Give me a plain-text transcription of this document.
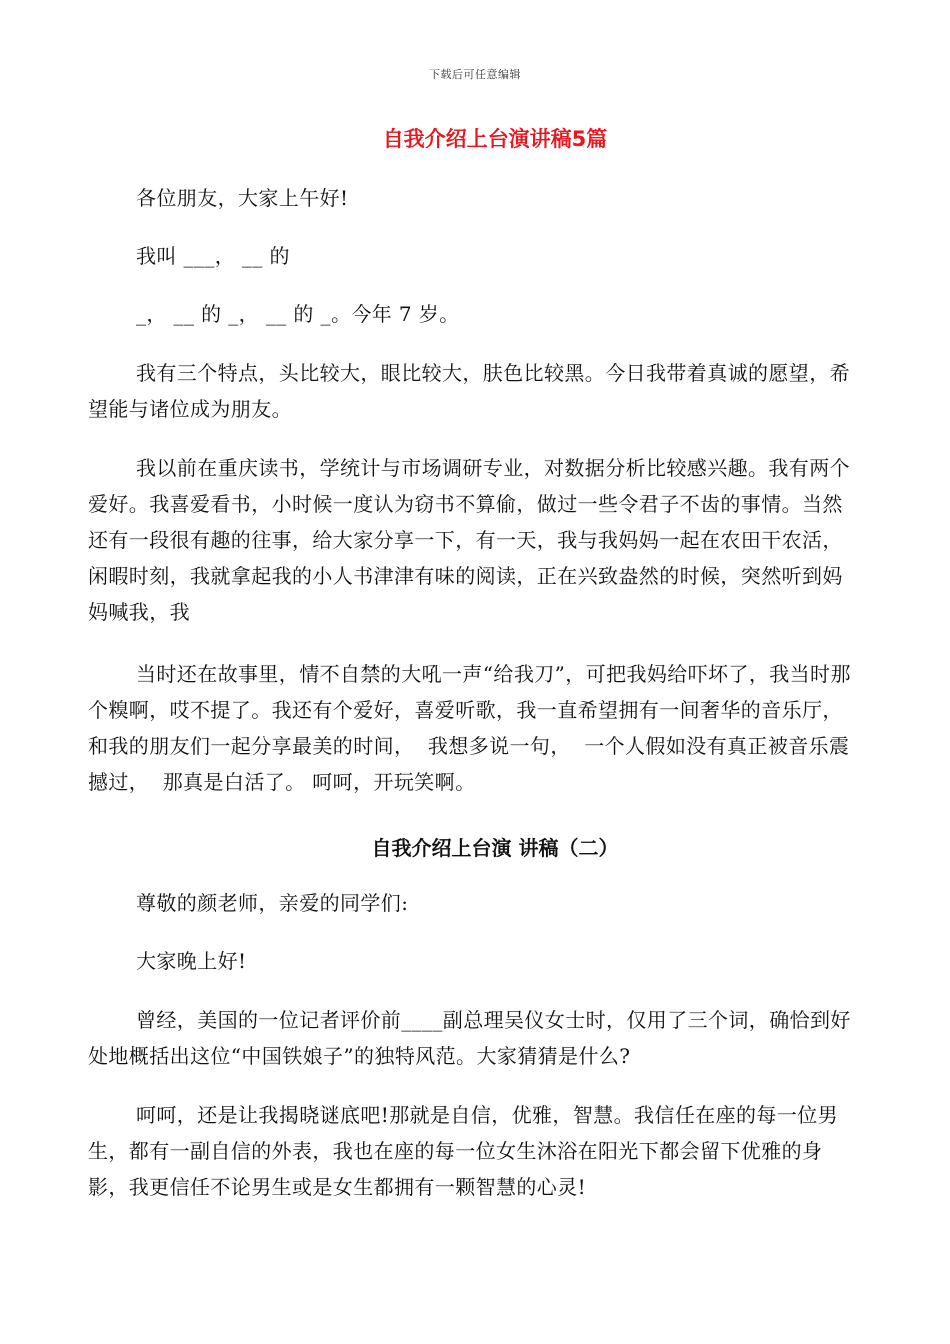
下载后可任意编辑
自我介绍上台演讲稿5篇

各位朋友，大家上午好!

我叫 ___， __ 的

_， __ 的 _， __ 的 _。今年 7 岁。

我有三个特点，头比较大，眼比较大，肤色比较黑。今日我带着真诚的愿望，希望能与诸位成为朋友。

我以前在重庆读书，学统计与市场调研专业，对数据分析比较感兴趣。我有两个爱好。我喜爱看书，小时候一度认为窃书不算偷，做过一些令君子不齿的事情。当然还有一段很有趣的往事，给大家分享一下，有一天，我与我妈妈一起在农田干农活，闲暇时刻，我就拿起我的小人书津津有味的阅读，正在兴致盎然的时候，突然听到妈妈喊我，我

当时还在故事里，情不自禁的大吼一声“给我刀”，可把我妈给吓坏了，我当时那个糗啊，哎不提了。我还有个爱好，喜爱听歌，我一直希望拥有一间奢华的音乐厅，和我的朋友们一起分享最美的时间，  我想多说一句，  一个人假如没有真正被音乐震撼过，  那真是白活了。 呵呵，开玩笑啊。

自我介绍上台演 讲稿（二）

尊敬的颜老师，亲爱的同学们:

大家晚上好!

曾经，美国的一位记者评价前____副总理吴仪女士时，仅用了三个词，确恰到好处地概括出这位“中国铁娘子”的独特风范。大家猜猜是什么?

呵呵，还是让我揭晓谜底吧!那就是自信，优雅，智慧。我信任在座的每一位男生，都有一副自信的外表，我也在座的每一位女生沐浴在阳光下都会留下优雅的身影，我更信任不论男生或是女生都拥有一颗智慧的心灵!
